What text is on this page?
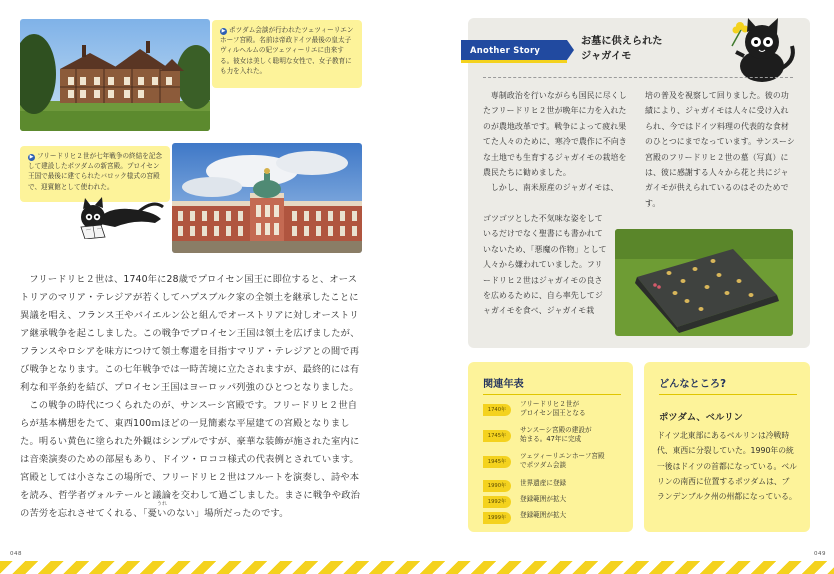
▶ ポツダム会談が行われたツェツィーリエンホーフ宮殿。名前は帝政ドイツ最後の皇太子ヴィルヘルムの妃ツェツィーリエに由来する。彼女は美しく聡明な女性で、女子教育にも力を入れた。
▶ フリードリヒ２世が七年戦争の終結を記念して建設したポツダムの新宮殿。プロイセン王国で最後に建てられたバロック様式の宮殿で、迎賓館として使われた。

フリードリヒ２世は、1740年に28歳でプロイセン国王に即位すると、オーストリアのマリア・テレジアが若くしてハプスブルク家の全領土を継承したことに異議を唱え、フランス王やバイエルン公と組んでオーストリアに対しオーストリア継承戦争を起こしました。この戦争でプロイセン王国は領土を広げましたが、フランスやロシアを味方につけて領土奪還を目指すマリア・テレジアとの間で再び戦争となります。この七年戦争では一時苦境に立たされますが、最終的には有利な和平条約を結び、プロイセン王国はヨーロッパ列強のひとつとなりました。

この戦争の時代につくられたのが、サンスーシ宮殿です。フリードリヒ２世自らが基本構想をたて、東西100ｍほどの一見簡素な平屋建ての宮殿となりました。明るい黄色に塗られた外観はシンプルですが、豪華な装飾が施された室内には音楽演奏のための部屋もあり、ドイツ・ロココ様式の代表例とされています。宮殿としては小さなこの場所で、フリードリヒ２世はフルートを演奏し、詩や本を読み、哲学者ヴォルテールと議論を交わして過ごしました。まさに戦争や政治の苦労を忘れさせてくれる、「
うれ
憂いのない」場所だったのです。

048
Another Story
お墓に供えられた
ジャガイモ

専制政治を行いながらも国民に尽くしたフリードリヒ２世が晩年に力を入れたのが農地改革です。戦争によって疲れ果てた人々のために、寒冷で農作に不向きな土地でも生育するジャガイモの栽培を農民たちに勧めました。

しかし、南米原産のジャガイモは、

ゴツゴツとした不気味な姿をしているだけでなく聖書にも書かれていないため、「悪魔の作物」として人々から嫌われていました。フリードリヒ２世はジャガイモの良さを広めるために、自ら率先してジャガイモを食べ、ジャガイモ栽

培の普及を視察して回りました。彼の功績により、ジャガイモは人々に受け入れられ、今ではドイツ料理の代表的な食材のひとつにまでなっています。サンスーシ宮殿のフリードリヒ２世の墓（写真）には、彼に感謝する人々から花と共にジャガイモが供えられているのはそのためです。

関連年表
1740年
フリードリヒ２世が
プロイセン国王となる
1745年
サンスーシ宮殿の建設が
始まる。47年に完成
1945年
ツェツィーリエンホーフ宮殿
でポツダム会談
1990年	世界遺産に登録
1992年	登録範囲が拡大
1999年	登録範囲が拡大
どんなところ?
ポツダム、ベルリン
ドイツ北東部にあるベルリンは冷戦時代、東西に分裂していた。1990年の統一後はドイツの首都になっている。ベルリンの南西に位置するポツダムは、ブランデンブルク州の州都になっている。
049
